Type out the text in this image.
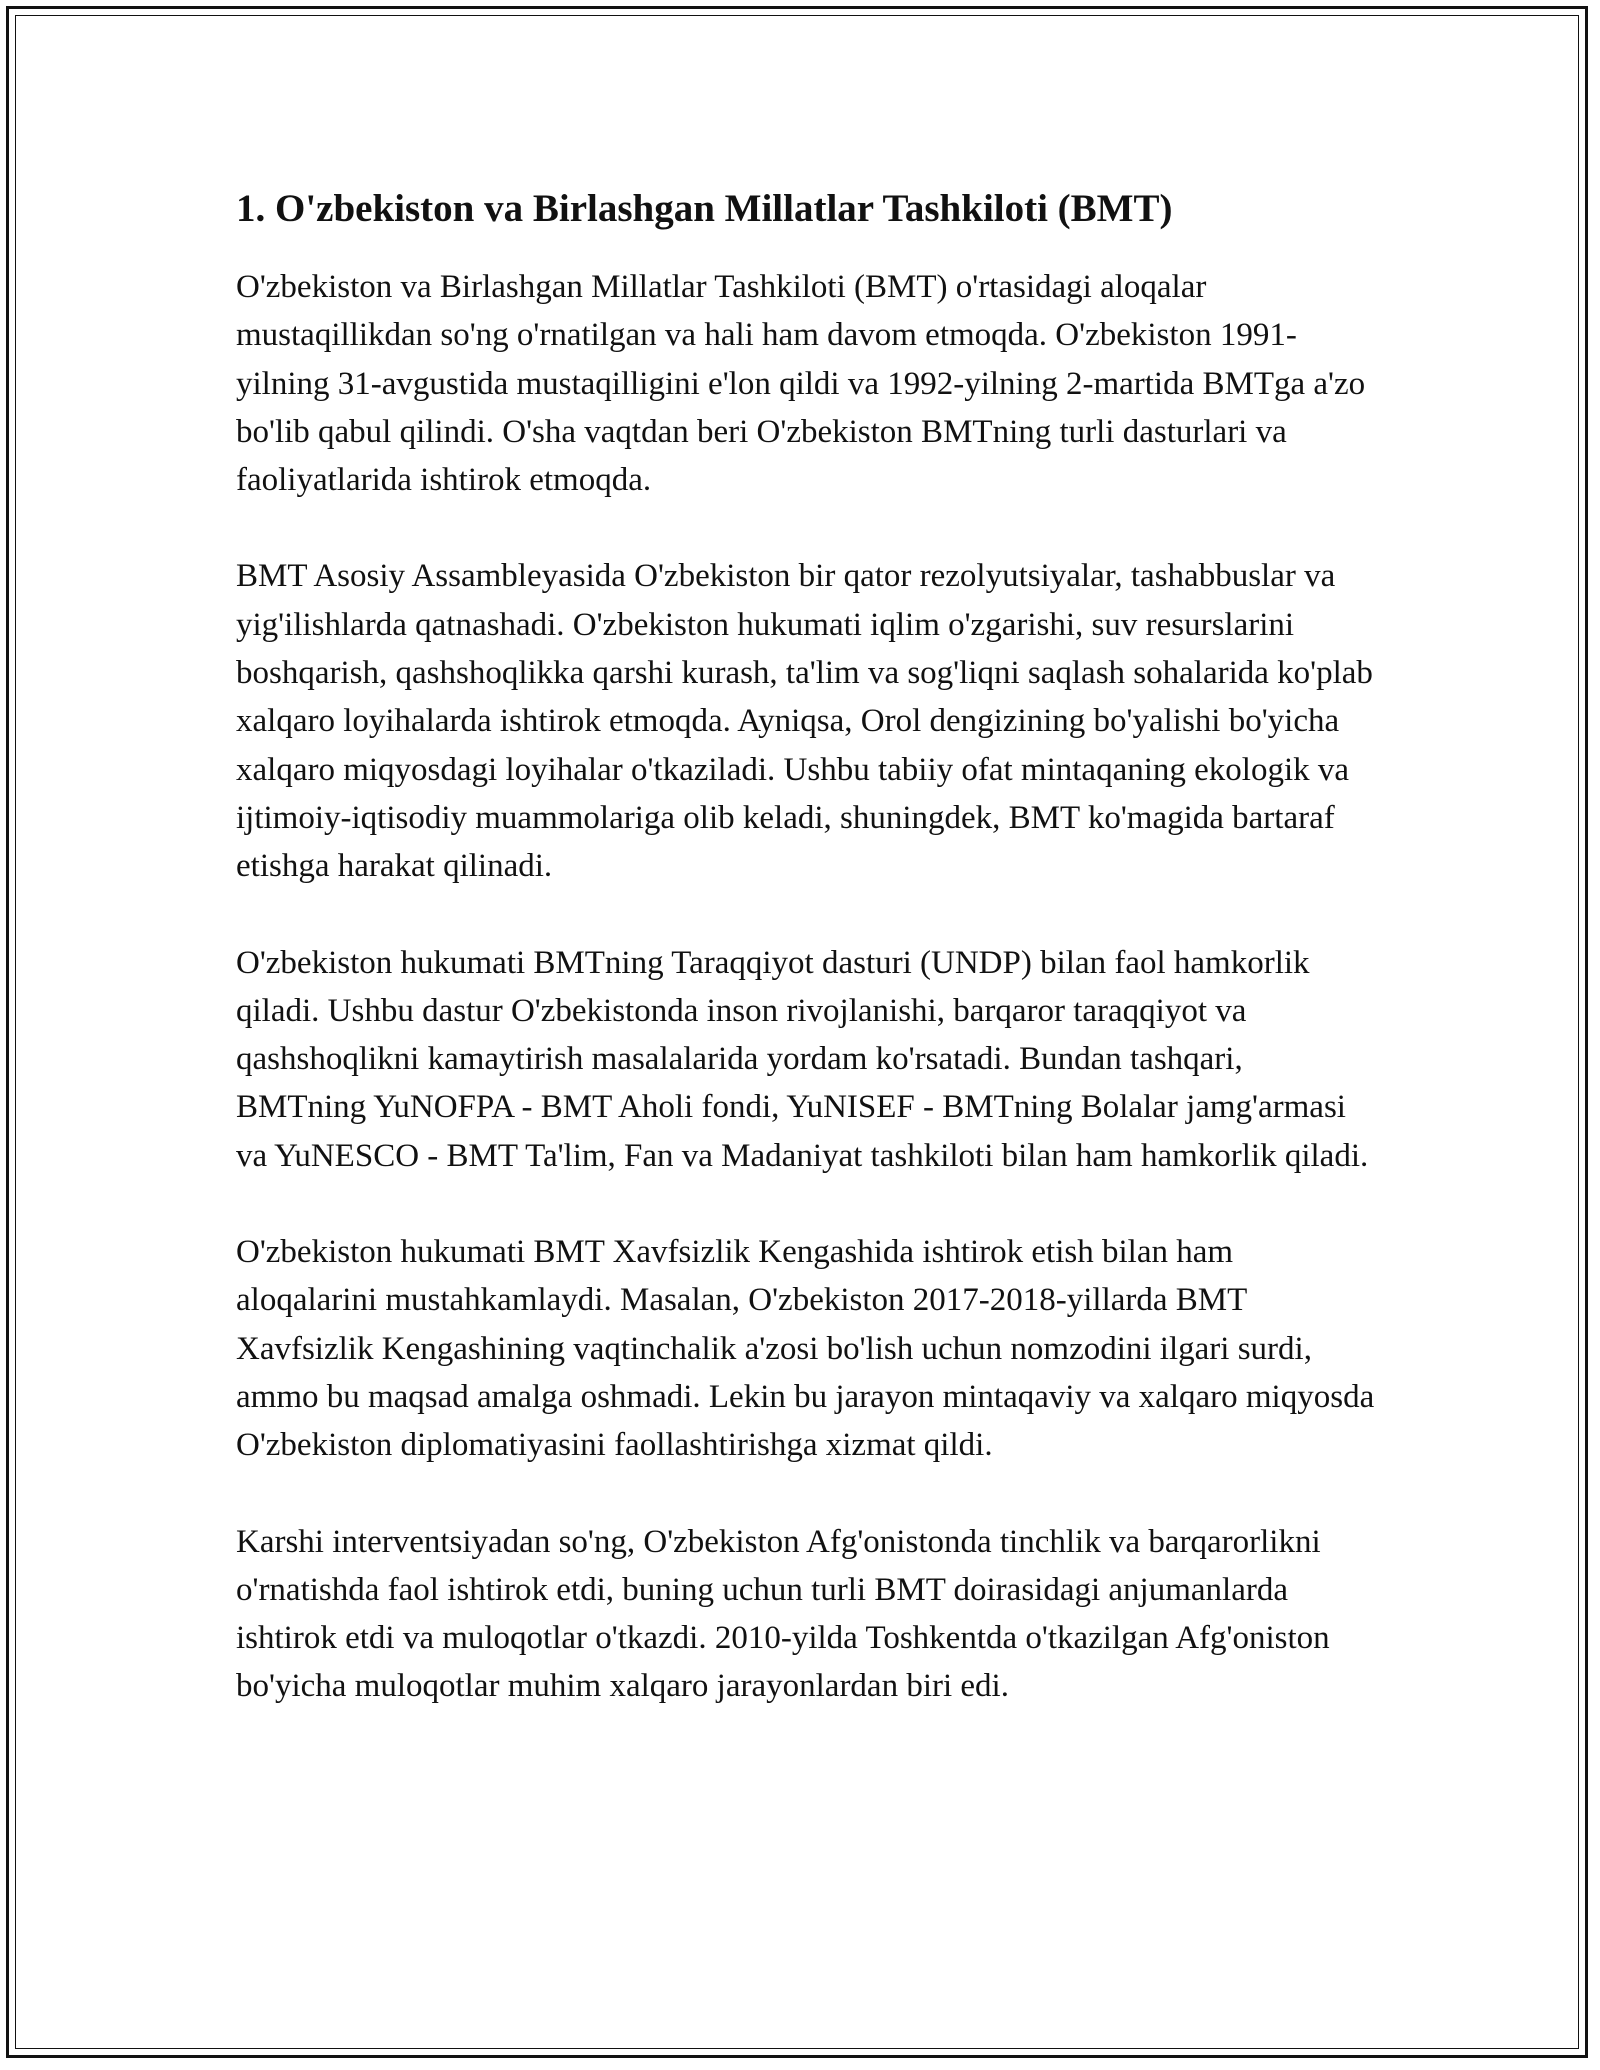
1. O'zbekiston va Birlashgan Millatlar Tashkiloti (BMT)

O'zbekiston va Birlashgan Millatlar Tashkiloti (BMT) o'rtasidagi aloqalar mustaqillikdan so'ng o'rnatilgan va hali ham davom etmoqda. O'zbekiston 1991-yilning 31-avgustida mustaqilligini e'lon qildi va 1992-yilning 2-martida BMTga a'zo bo'lib qabul qilindi. O'sha vaqtdan beri O'zbekiston BMTning turli dasturlari va faoliyatlarida ishtirok etmoqda.

BMT Asosiy Assambleyasida O'zbekiston bir qator rezolyutsiyalar, tashabbuslar va yig'ilishlarda qatnashadi. O'zbekiston hukumati iqlim o'zgarishi, suv resurslarini boshqarish, qashshoqlikka qarshi kurash, ta'lim va sog'liqni saqlash sohalarida ko'plab xalqaro loyihalarda ishtirok etmoqda. Ayniqsa, Orol dengizining bo'yalishi bo'yicha xalqaro miqyosdagi loyihalar o'tkaziladi. Ushbu tabiiy ofat mintaqaning ekologik va ijtimoiy-iqtisodiy muammolariga olib keladi, shuningdek, BMT ko'magida bartaraf etishga harakat qilinadi.

O'zbekiston hukumati BMTning Taraqqiyot dasturi (UNDP) bilan faol hamkorlik qiladi. Ushbu dastur O'zbekistonda inson rivojlanishi, barqaror taraqqiyot va qashshoqlikni kamaytirish masalalarida yordam ko'rsatadi. Bundan tashqari, BMTning YuNOFPA - BMT Aholi fondi, YuNISEF - BMTning Bolalar jamg'armasi va YuNESCO - BMT Ta'lim, Fan va Madaniyat tashkiloti bilan ham hamkorlik qiladi.

O'zbekiston hukumati BMT Xavfsizlik Kengashida ishtirok etish bilan ham aloqalarini mustahkamlaydi. Masalan, O'zbekiston 2017-2018-yillarda BMT Xavfsizlik Kengashining vaqtinchalik a'zosi bo'lish uchun nomzodini ilgari surdi, ammo bu maqsad amalga oshmadi. Lekin bu jarayon mintaqaviy va xalqaro miqyosda O'zbekiston diplomatiyasini faollashtirishga xizmat qildi.

Karshi interventsiyadan so'ng, O'zbekiston Afg'onistonda tinchlik va barqarorlikni o'rnatishda faol ishtirok etdi, buning uchun turli BMT doirasidagi anjumanlarda ishtirok etdi va muloqotlar o'tkazdi. 2010-yilda Toshkentda o'tkazilgan Afg'oniston bo'yicha muloqotlar muhim xalqaro jarayonlardan biri edi.
